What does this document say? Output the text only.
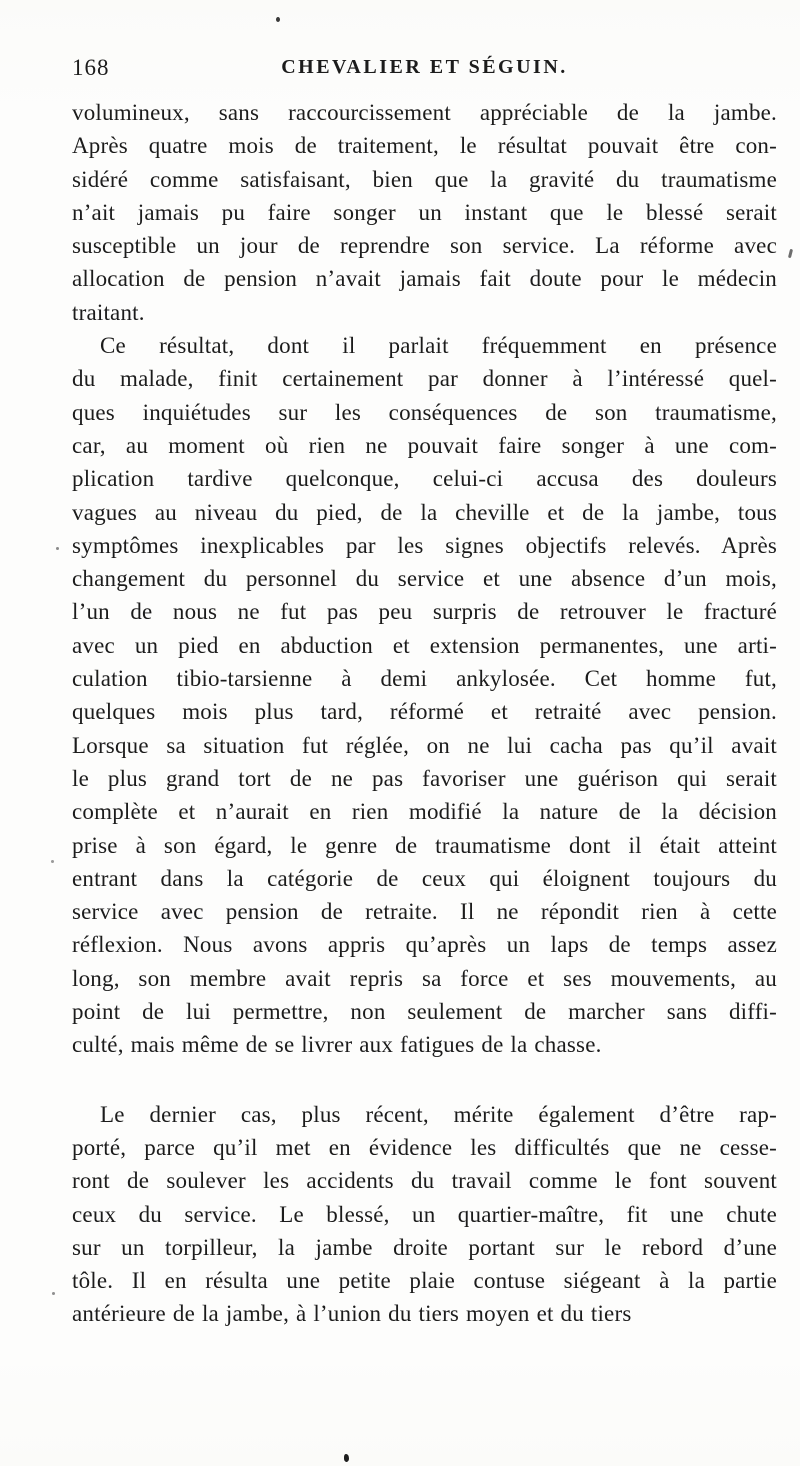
168	CHEVALIER ET SÉGUIN.
volumineux, sans raccourcissement appréciable de la jambe.
Après quatre mois de traitement, le résultat pouvait être con-
sidéré comme satisfaisant, bien que la gravité du traumatisme
n’ait jamais pu faire songer un instant que le blessé serait
susceptible un jour de reprendre son service. La réforme avec
allocation de pension n’avait jamais fait doute pour le médecin
traitant.
Ce résultat, dont il parlait fréquemment en présence
du malade, finit certainement par donner à l’intéressé quel-
ques inquiétudes sur les conséquences de son traumatisme,
car, au moment où rien ne pouvait faire songer à une com-
plication tardive quelconque, celui-ci accusa des douleurs
vagues au niveau du pied, de la cheville et de la jambe, tous
symptômes inexplicables par les signes objectifs relevés. Après
changement du personnel du service et une absence d’un mois,
l’un de nous ne fut pas peu surpris de retrouver le fracturé
avec un pied en abduction et extension permanentes, une arti-
culation tibio-tarsienne à demi ankylosée. Cet homme fut,
quelques mois plus tard, réformé et retraité avec pension.
Lorsque sa situation fut réglée, on ne lui cacha pas qu’il avait
le plus grand tort de ne pas favoriser une guérison qui serait
complète et n’aurait en rien modifié la nature de la décision
prise à son égard, le genre de traumatisme dont il était atteint
entrant dans la catégorie de ceux qui éloignent toujours du
service avec pension de retraite. Il ne répondit rien à cette
réflexion. Nous avons appris qu’après un laps de temps assez
long, son membre avait repris sa force et ses mouvements, au
point de lui permettre, non seulement de marcher sans diffi-
culté, mais même de se livrer aux fatigues de la chasse.
Le dernier cas, plus récent, mérite également d’être rap-
porté, parce qu’il met en évidence les difficultés que ne cesse-
ront de soulever les accidents du travail comme le font souvent
ceux du service. Le blessé, un quartier-maître, fit une chute
sur un torpilleur, la jambe droite portant sur le rebord d’une
tôle. Il en résulta une petite plaie contuse siégeant à la partie
antérieure de la jambe, à l’union du tiers moyen et du tiers
